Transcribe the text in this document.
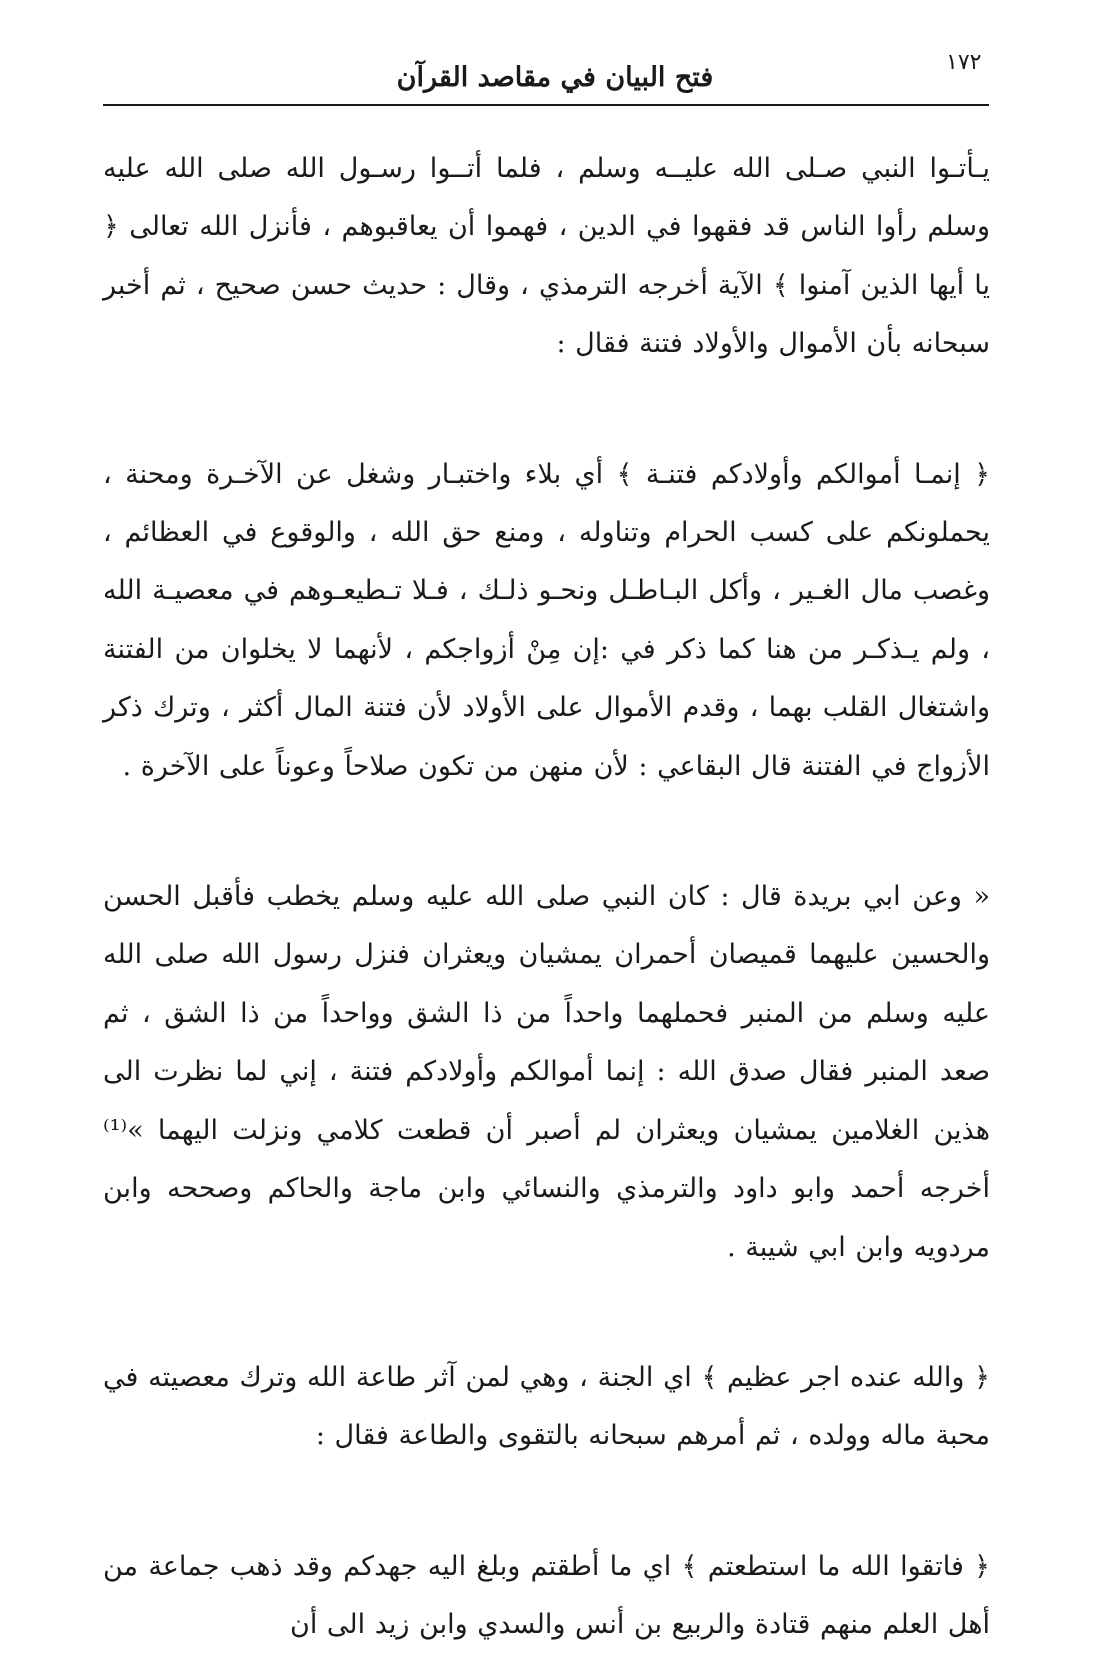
١٧٢
فتح البيان في مقاصد القرآن

يـأتـوا النبي صـلى الله عليــه وسلم ، فلما أتــوا رسـول الله صلى الله عليه وسلم رأوا الناس قد فقهوا في الدين ، فهموا أن يعاقبوهم ، فأنزل الله تعالى ﴿ يا أيها الذين آمنوا ﴾ الآية أخرجه الترمذي ، وقال : حديث حسن صحيح ، ثم أخبر سبحانه بأن الأموال والأولاد فتنة فقال :

﴿ إنمـا أموالكم وأولادكم فتنـة ﴾ أي بلاء واختبـار وشغل عن الآخـرة ومحنة ، يحملونكم على كسب الحرام وتناوله ، ومنع حق الله ، والوقوع في العظائم ، وغصب مال الغـير ، وأكل البـاطـل ونحـو ذلـك ، فـلا تـطيعـوهم في معصيـة الله ، ولم يـذكـر من هنا كما ذكر في :إن مِنْ أزواجكم ، لأنهما لا يخلوان من الفتنة واشتغال القلب بهما ، وقدم الأموال على الأولاد لأن فتنة المال أكثر ، وترك ذكر الأزواج في الفتنة قال البقاعي : لأن منهن من تكون صلاحاً وعوناً على الآخرة .

« وعن ابي بريدة قال : كان النبي صلى الله عليه وسلم يخطب فأقبل الحسن والحسين عليهما قميصان أحمران يمشيان ويعثران فنزل رسول الله صلى الله عليه وسلم من المنبر فحملهما واحداً من ذا الشق وواحداً من ذا الشق ، ثم صعد المنبر فقال صدق الله : إنما أموالكم وأولادكم فتنة ، إني لما نظرت الى هذين الغلامين يمشيان ويعثران لم أصبر أن قطعت كلامي ونزلت اليهما »⁽¹⁾ أخرجه أحمد وابو داود والترمذي والنسائي وابن ماجة والحاكم وصححه وابن مردويه وابن ابي شيبة .

﴿ والله عنده اجر عظيم ﴾ اي الجنة ، وهي لمن آثر طاعة الله وترك معصيته في محبة ماله وولده ، ثم أمرهم سبحانه بالتقوى والطاعة فقال :

﴿ فاتقوا الله ما استطعتم ﴾ اي ما أطقتم وبلغ اليه جهدكم وقد ذهب جماعة من أهل العلم منهم قتادة والربيع بن أنس والسدي وابن زيد الى أن
